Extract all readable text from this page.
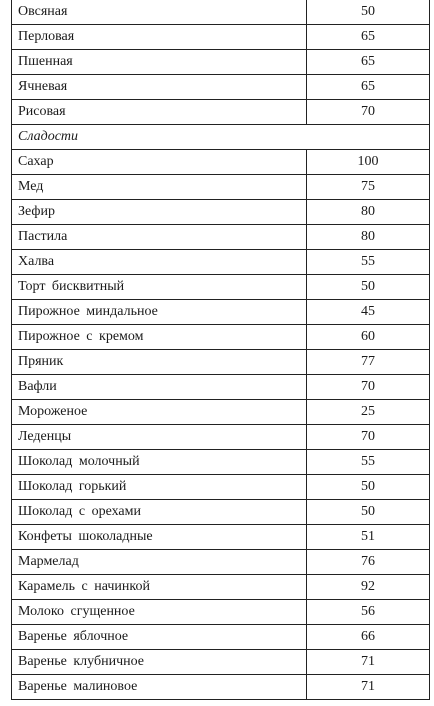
Овсяная	50
Перловая	65
Пшенная	65
Ячневая	65
Рисовая	70
Сладости	
Сахар	100
Мед	75
Зефир	80
Пастила	80
Халва	55
Торт бисквитный	50
Пирожное миндальное	45
Пирожное с кремом	60
Пряник	77
Вафли	70
Мороженое	25
Леденцы	70
Шоколад молочный	55
Шоколад горький	50
Шоколад с орехами	50
Конфеты шоколадные	51
Мармелад	76
Карамель с начинкой	92
Молоко сгущенное	56
Варенье яблочное	66
Варенье клубничное	71
Варенье малиновое	71
